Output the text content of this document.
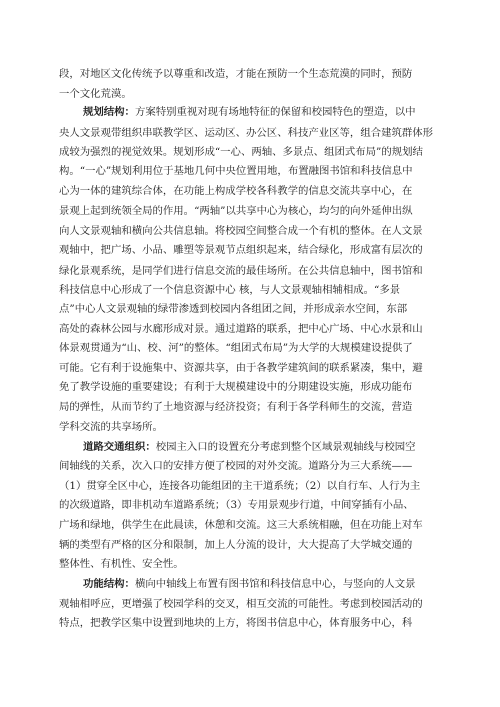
段，对地区文化传统予以尊重和改造，才能在预防一个生态荒漠的同时，预防
一个文化荒漠。
规划结构：方案特别重视对现有场地特征的保留和校园特色的塑造，以中
央人文景观带组织串联教学区、运动区、办公区、科技产业区等，组合建筑群体形
成较为强烈的视觉效果。规划形成“一心、两轴、多景点、组团式布局”的规划结
构。“一心”规划利用位于基地几何中央位置用地，布置融图书馆和科技信息中
心为一体的建筑综合体，在功能上构成学校各科教学的信息交流共享中心，在
景观上起到统领全局的作用。“两轴”以共享中心为核心，均匀的向外延伸出纵
向人文景观轴和横向公共信息轴。将校园空间整合成一个有机的整体。在人文景
观轴中，把广场、小品、雕塑等景观节点组织起来，结合绿化，形成富有层次的
绿化景观系统，是同学们进行信息交流的最佳场所。在公共信息轴中，图书馆和
科技信息中心形成了一个信息资源中心 核，与人文景观轴相辅相成。“多景
点”中心人文景观轴的绿带渗透到校园内各组团之间，并形成亲水空间，东部
高处的森林公园与水廊形成对景。通过道路的联系，把中心广场、中心水景和山
体景观贯通为“山、校、河”的整体。“组团式布局”为大学的大规模建设提供了
可能。它有利于设施集中、资源共享，由于各教学建筑间的联系紧凑，集中，避
免了教学设施的重要建设；有利于大规模建设中的分期建设实施，形成功能布
局的弹性，从而节约了土地资源与经济投资；有利于各学科师生的交流，营造
学科交流的共享场所。
道路交通组织：校园主入口的设置充分考虑到整个区域景观轴线与校园空
间轴线的关系，次入口的安排方便了校园的对外交流。道路分为三大系统——
（1）贯穿全区中心，连接各功能组团的主干道系统；（2）以自行车、人行为主
的次级道路，即非机动车道路系统；（3）专用景观步行道，中间穿插有小品、
广场和绿地，供学生在此晨读，休憩和交流。这三大系统相融，但在功能上对车
辆的类型有严格的区分和限制，加上人分流的设计，大大提高了大学城交通的
整体性、有机性、安全性。
功能结构：横向中轴线上布置有图书馆和科技信息中心，与竖向的人文景
观轴相呼应，更增强了校园学科的交叉，相互交流的可能性。考虑到校园活动的
特点，把教学区集中设置到地块的上方，将图书信息中心，体育服务中心，科
